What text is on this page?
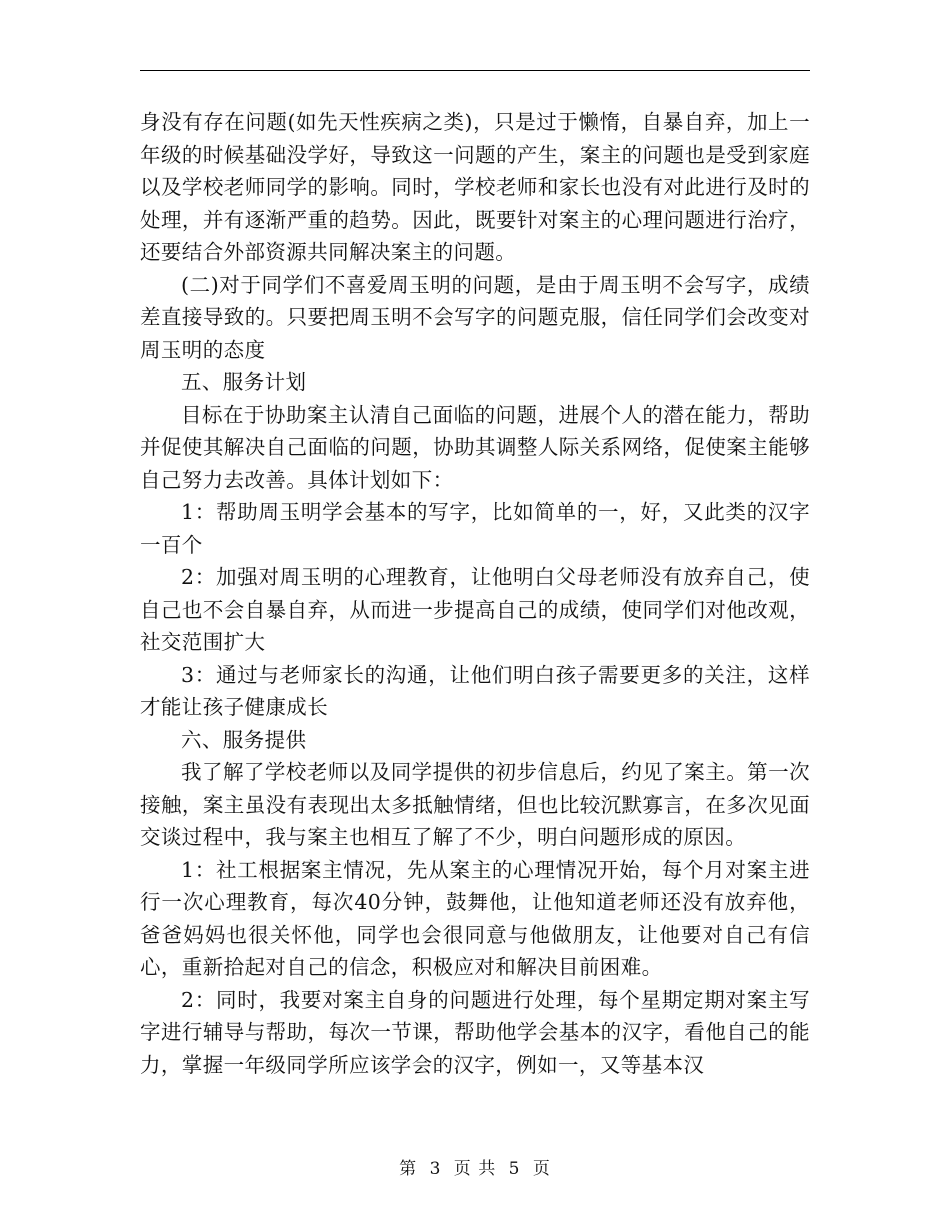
身没有存在问题(如先天性疾病之类)，只是过于懒惰，自暴自弃，加上一年级的时候基础没学好，导致这一问题的产生，案主的问题也是受到家庭以及学校老师同学的影响。同时，学校老师和家长也没有对此进行及时的处理，并有逐渐严重的趋势。因此，既要针对案主的心理问题进行治疗，还要结合外部资源共同解决案主的问题。

(二)对于同学们不喜爱周玉明的问题，是由于周玉明不会写字，成绩差直接导致的。只要把周玉明不会写字的问题克服，信任同学们会改变对周玉明的态度

五、服务计划

目标在于协助案主认清自己面临的问题，进展个人的潜在能力，帮助并促使其解决自己面临的问题，协助其调整人际关系网络，促使案主能够自己努力去改善。具体计划如下：

1：帮助周玉明学会基本的写字，比如简单的一，好，又此类的汉字一百个

2：加强对周玉明的心理教育，让他明白父母老师没有放弃自己，使自己也不会自暴自弃，从而进一步提高自己的成绩，使同学们对他改观，社交范围扩大

3：通过与老师家长的沟通，让他们明白孩子需要更多的关注，这样才能让孩子健康成长

六、服务提供

我了解了学校老师以及同学提供的初步信息后，约见了案主。第一次接触，案主虽没有表现出太多抵触情绪，但也比较沉默寡言，在多次见面交谈过程中，我与案主也相互了解了不少，明白问题形成的原因。

1：社工根据案主情况，先从案主的心理情况开始，每个月对案主进行一次心理教育，每次40分钟，鼓舞他，让他知道老师还没有放弃他，爸爸妈妈也很关怀他，同学也会很同意与他做朋友，让他要对自己有信心，重新拾起对自己的信念，积极应对和解决目前困难。

2：同时，我要对案主自身的问题进行处理，每个星期定期对案主写字进行辅导与帮助，每次一节课，帮助他学会基本的汉字，看他自己的能力，掌握一年级同学所应该学会的汉字，例如一，又等基本汉

第 3 页 共 5 页
